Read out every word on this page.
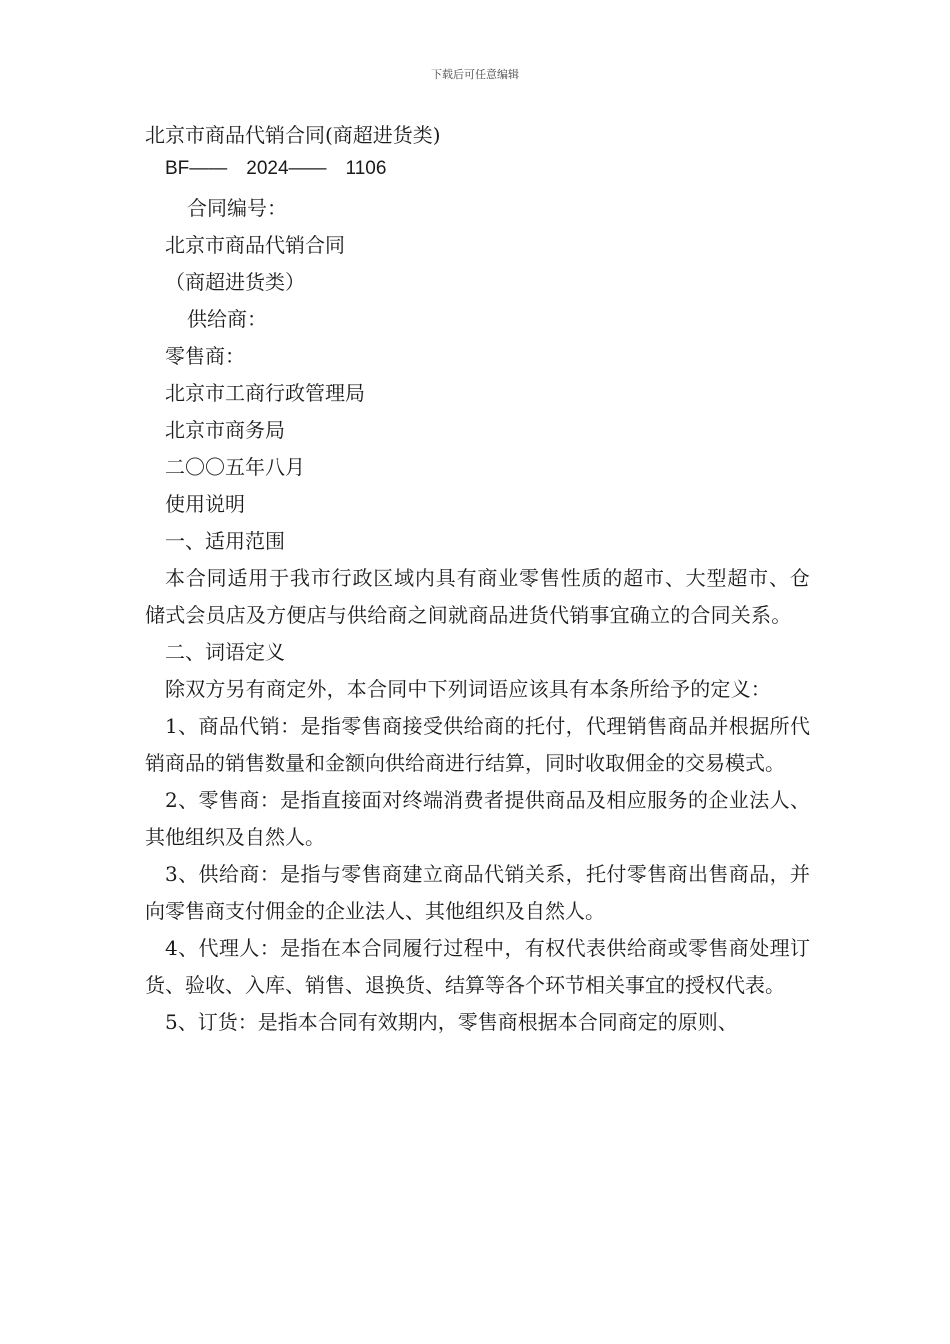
下载后可任意编辑
北京市商品代销合同(商超进货类)
BF——　2024——　1106
合同编号：
北京市商品代销合同
（商超进货类）
供给商：
零售商：
北京市工商行政管理局
北京市商务局
二〇〇五年八月
使用说明
一、适用范围
本合同适用于我市行政区域内具有商业零售性质的超市、大型超市、仓储式会员店及方便店与供给商之间就商品进货代销事宜确立的合同关系。
二、词语定义
除双方另有商定外，本合同中下列词语应该具有本条所给予的定义：
1、商品代销：是指零售商接受供给商的托付，代理销售商品并根据所代销商品的销售数量和金额向供给商进行结算，同时收取佣金的交易模式。
2、零售商：是指直接面对终端消费者提供商品及相应服务的企业法人、其他组织及自然人。
3、供给商：是指与零售商建立商品代销关系，托付零售商出售商品，并向零售商支付佣金的企业法人、其他组织及自然人。
4、代理人：是指在本合同履行过程中，有权代表供给商或零售商处理订货、验收、入库、销售、退换货、结算等各个环节相关事宜的授权代表。
5、订货：是指本合同有效期内，零售商根据本合同商定的原则、
